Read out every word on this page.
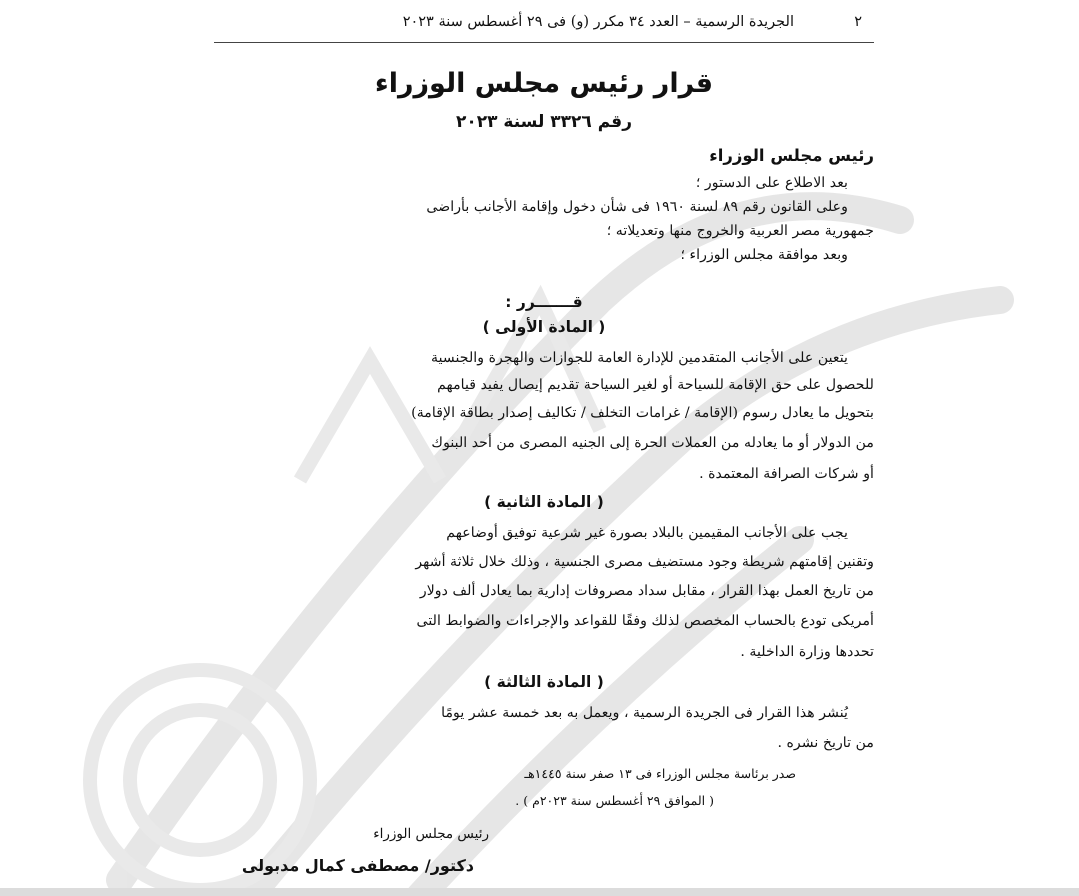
٢
الجريدة الرسمية – العدد ٣٤ مكرر (و) فى ٢٩ أغسطس سنة ٢٠٢٣
قرار رئيس مجلس الوزراء
رقم ٣٣٢٦ لسنة ٢٠٢٣
رئيس مجلس الوزراء
بعد الاطلاع على الدستور ؛
وعلى القانون رقم ٨٩ لسنة ١٩٦٠ فى شأن دخول وإقامة الأجانب بأراضى
جمهورية مصر العربية والخروج منها وتعديلاته ؛
وبعد موافقة مجلس الوزراء ؛
قـــــــرر :
( المادة الأولى )
يتعين على الأجانب المتقدمين للإدارة العامة للجوازات والهجرة والجنسية
للحصول على حق الإقامة للسياحة أو لغير السياحة تقديم إيصال يفيد قيامهم
بتحويل ما يعادل رسوم (الإقامة / غرامات التخلف / تكاليف إصدار بطاقة الإقامة)
من الدولار أو ما يعادله من العملات الحرة إلى الجنيه المصرى من أحد البنوك
أو شركات الصرافة المعتمدة .
( المادة الثانية )
يجب على الأجانب المقيمين بالبلاد بصورة غير شرعية توفيق أوضاعهم
وتقنين إقامتهم شريطة وجود مستضيف مصرى الجنسية ، وذلك خلال ثلاثة أشهر
من تاريخ العمل بهذا القرار ، مقابل سداد مصروفات إدارية بما يعادل ألف دولار
أمريكى تودع بالحساب المخصص لذلك وفقًا للقواعد والإجراءات والضوابط التى
تحددها وزارة الداخلية .
( المادة الثالثة )
يُنشر هذا القرار فى الجريدة الرسمية ، ويعمل به بعد خمسة عشر يومًا
من تاريخ نشره .
صدر برئاسة مجلس الوزراء فى ١٣ صفر سنة ١٤٤٥هـ
( الموافق ٢٩ أغسطس سنة ٢٠٢٣م ) .
رئيس مجلس الوزراء
دكتور/ مصطفى كمال مدبولى
